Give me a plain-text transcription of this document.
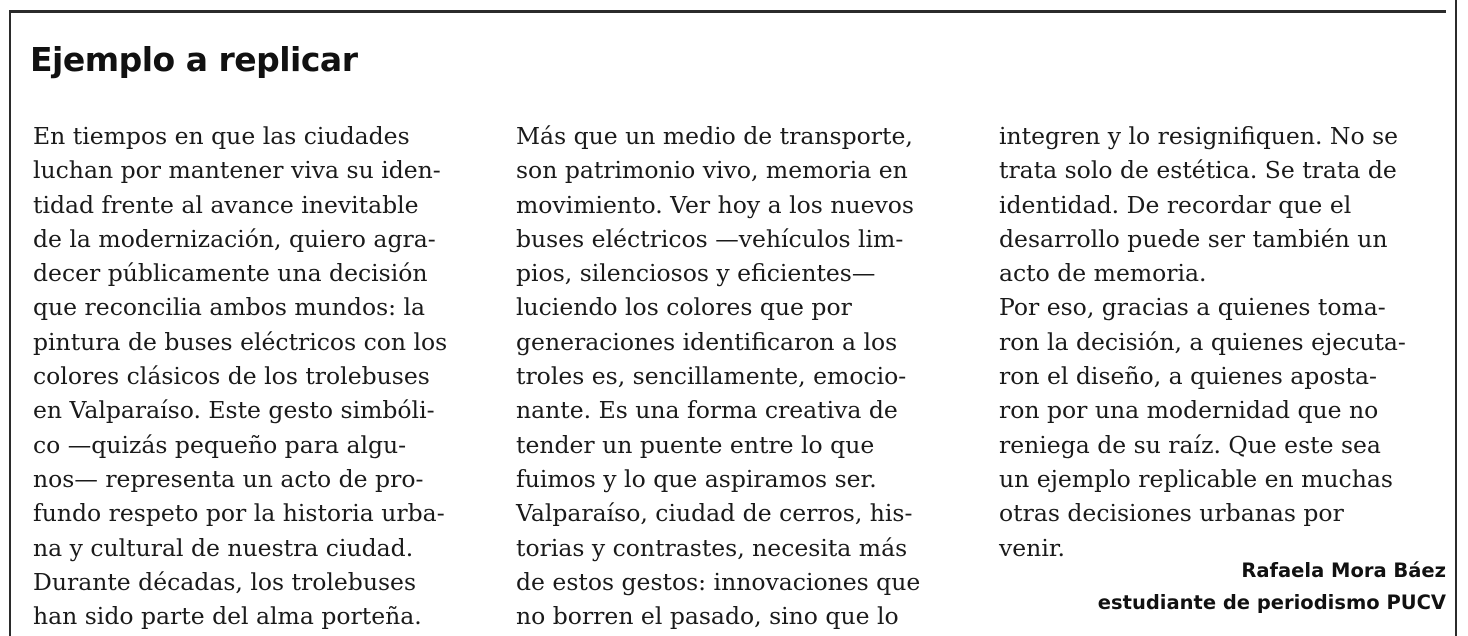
Ejemplo a replicar
En tiempos en que las ciudades
luchan por mantener viva su iden-
tidad frente al avance inevitable
de la modernización, quiero agra-
decer públicamente una decisión
que reconcilia ambos mundos: la
pintura de buses eléctricos con los
colores clásicos de los trolebuses
en Valparaíso. Este gesto simbóli-
co —quizás pequeño para algu-
nos— representa un acto de pro-
fundo respeto por la historia urba-
na y cultural de nuestra ciudad.
Durante décadas, los trolebuses
han sido parte del alma porteña.
Más que un medio de transporte,
son patrimonio vivo, memoria en
movimiento. Ver hoy a los nuevos
buses eléctricos —vehículos lim-
pios, silenciosos y eficientes—
luciendo los colores que por
generaciones identificaron a los
troles es, sencillamente, emocio-
nante. Es una forma creativa de
tender un puente entre lo que
fuimos y lo que aspiramos ser.
Valparaíso, ciudad de cerros, his-
torias y contrastes, necesita más
de estos gestos: innovaciones que
no borren el pasado, sino que lo
integren y lo resignifiquen. No se
trata solo de estética. Se trata de
identidad. De recordar que el
desarrollo puede ser también un
acto de memoria.
Por eso, gracias a quienes toma-
ron la decisión, a quienes ejecuta-
ron el diseño, a quienes aposta-
ron por una modernidad que no
reniega de su raíz. Que este sea
un ejemplo replicable en muchas
otras decisiones urbanas por
venir.
Rafaela Mora Báez
estudiante de periodismo PUCV
